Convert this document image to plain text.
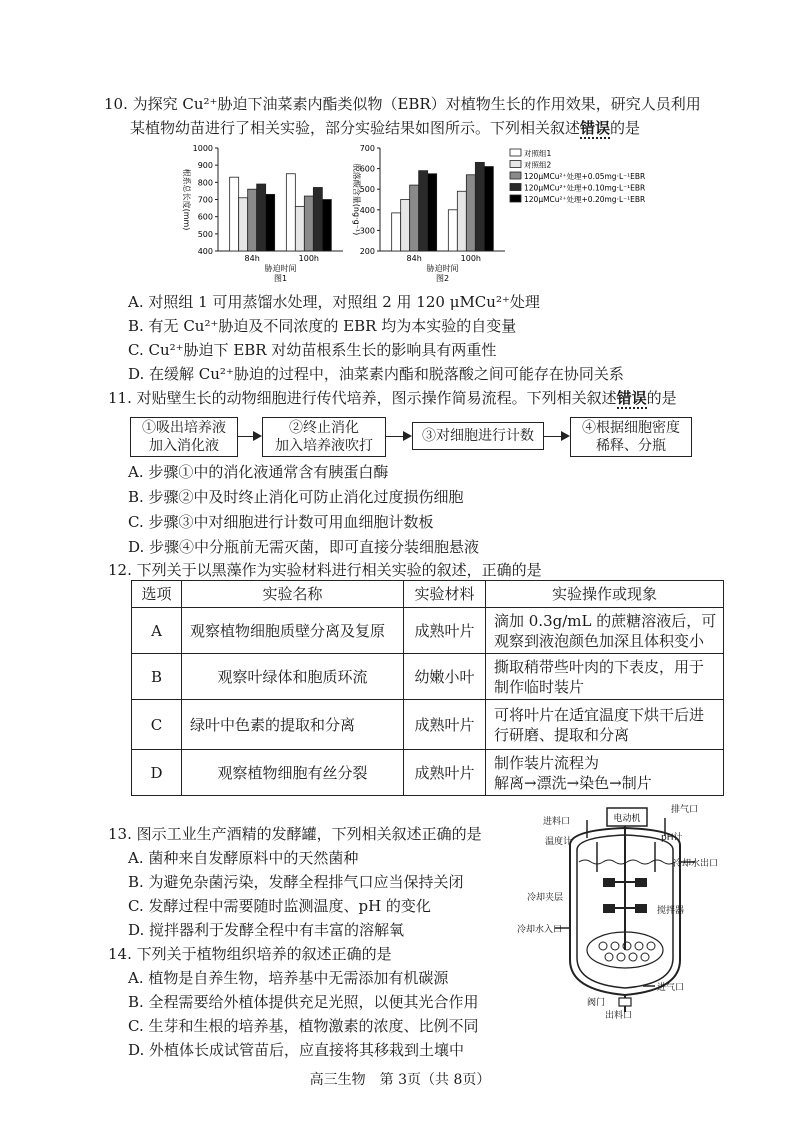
10. 为探究 Cu²⁺胁迫下油菜素内酯类似物（EBR）对植物生长的作用效果，研究人员利用
某植物幼苗进行了相关实验，部分实验结果如图所示。下列相关叙述错误的是
1000
900
800
700
600
500
400
根系总长度(mm)
84h	100h
胁迫时间
图1
700
600
500
400
300
200
脱落酸含量(ng·g⁻¹)
84h	100h
胁迫时间
图2
对照组1
对照组2
120μMCu²⁺处理+0.05mg·L⁻¹EBR
120μMCu²⁺处理+0.10mg·L⁻¹EBR
120μMCu²⁺处理+0.20mg·L⁻¹EBR
A. 对照组 1 可用蒸馏水处理，对照组 2 用 120 μMCu²⁺处理
B. 有无 Cu²⁺胁迫及不同浓度的 EBR 均为本实验的自变量
C. Cu²⁺胁迫下 EBR 对幼苗根系生长的影响具有两重性
D. 在缓解 Cu²⁺胁迫的过程中，油菜素内酯和脱落酸之间可能存在协同关系
11. 对贴壁生长的动物细胞进行传代培养，图示操作简易流程。下列相关叙述错误的是
①吸出培养液
加入消化液
②终止消化
加入培养液吹打
③对细胞进行计数	④根据细胞密度
稀释、分瓶
A. 步骤①中的消化液通常含有胰蛋白酶
B. 步骤②中及时终止消化可防止消化过度损伤细胞
C. 步骤③中对细胞进行计数可用血细胞计数板
D. 步骤④中分瓶前无需灭菌，即可直接分装细胞悬液
12. 下列关于以黑藻作为实验材料进行相关实验的叙述，正确的是
选项	实验名称	实验材料	实验操作或现象
A	观察植物细胞质壁分离及复原	成熟叶片	滴加 0.3g/mL 的蔗糖溶液后，可
观察到液泡颜色加深且体积变小

B	观察叶绿体和胞质环流	幼嫩小叶	撕取稍带些叶肉的下表皮，用于
制作临时装片

C	绿叶中色素的提取和分离	成熟叶片	可将叶片在适宜温度下烘干后进
行研磨、提取和分离

D	观察植物细胞有丝分裂	成熟叶片	制作装片流程为
解离→漂洗→染色→制片
13. 图示工业生产酒精的发酵罐，下列相关叙述正确的是
A. 菌种来自发酵原料中的天然菌种
B. 为避免杂菌污染，发酵全程排气口应当保持关闭
C. 发酵过程中需要随时监测温度、pH 的变化
D. 搅拌器利于发酵全程中有丰富的溶解氧
电动机
进料口
排气口
温度计	pH计
冷却水出口
冷却夹层
搅拌器
冷却水入口
阀门
进气口
出料口
14. 下列关于植物组织培养的叙述正确的是
A. 植物是自养生物，培养基中无需添加有机碳源
B. 全程需要给外植体提供充足光照，以便其光合作用
C. 生芽和生根的培养基，植物激素的浓度、比例不同
D. 外植体长成试管苗后，应直接将其移栽到土壤中
高三生物　第 3页（共 8页）
